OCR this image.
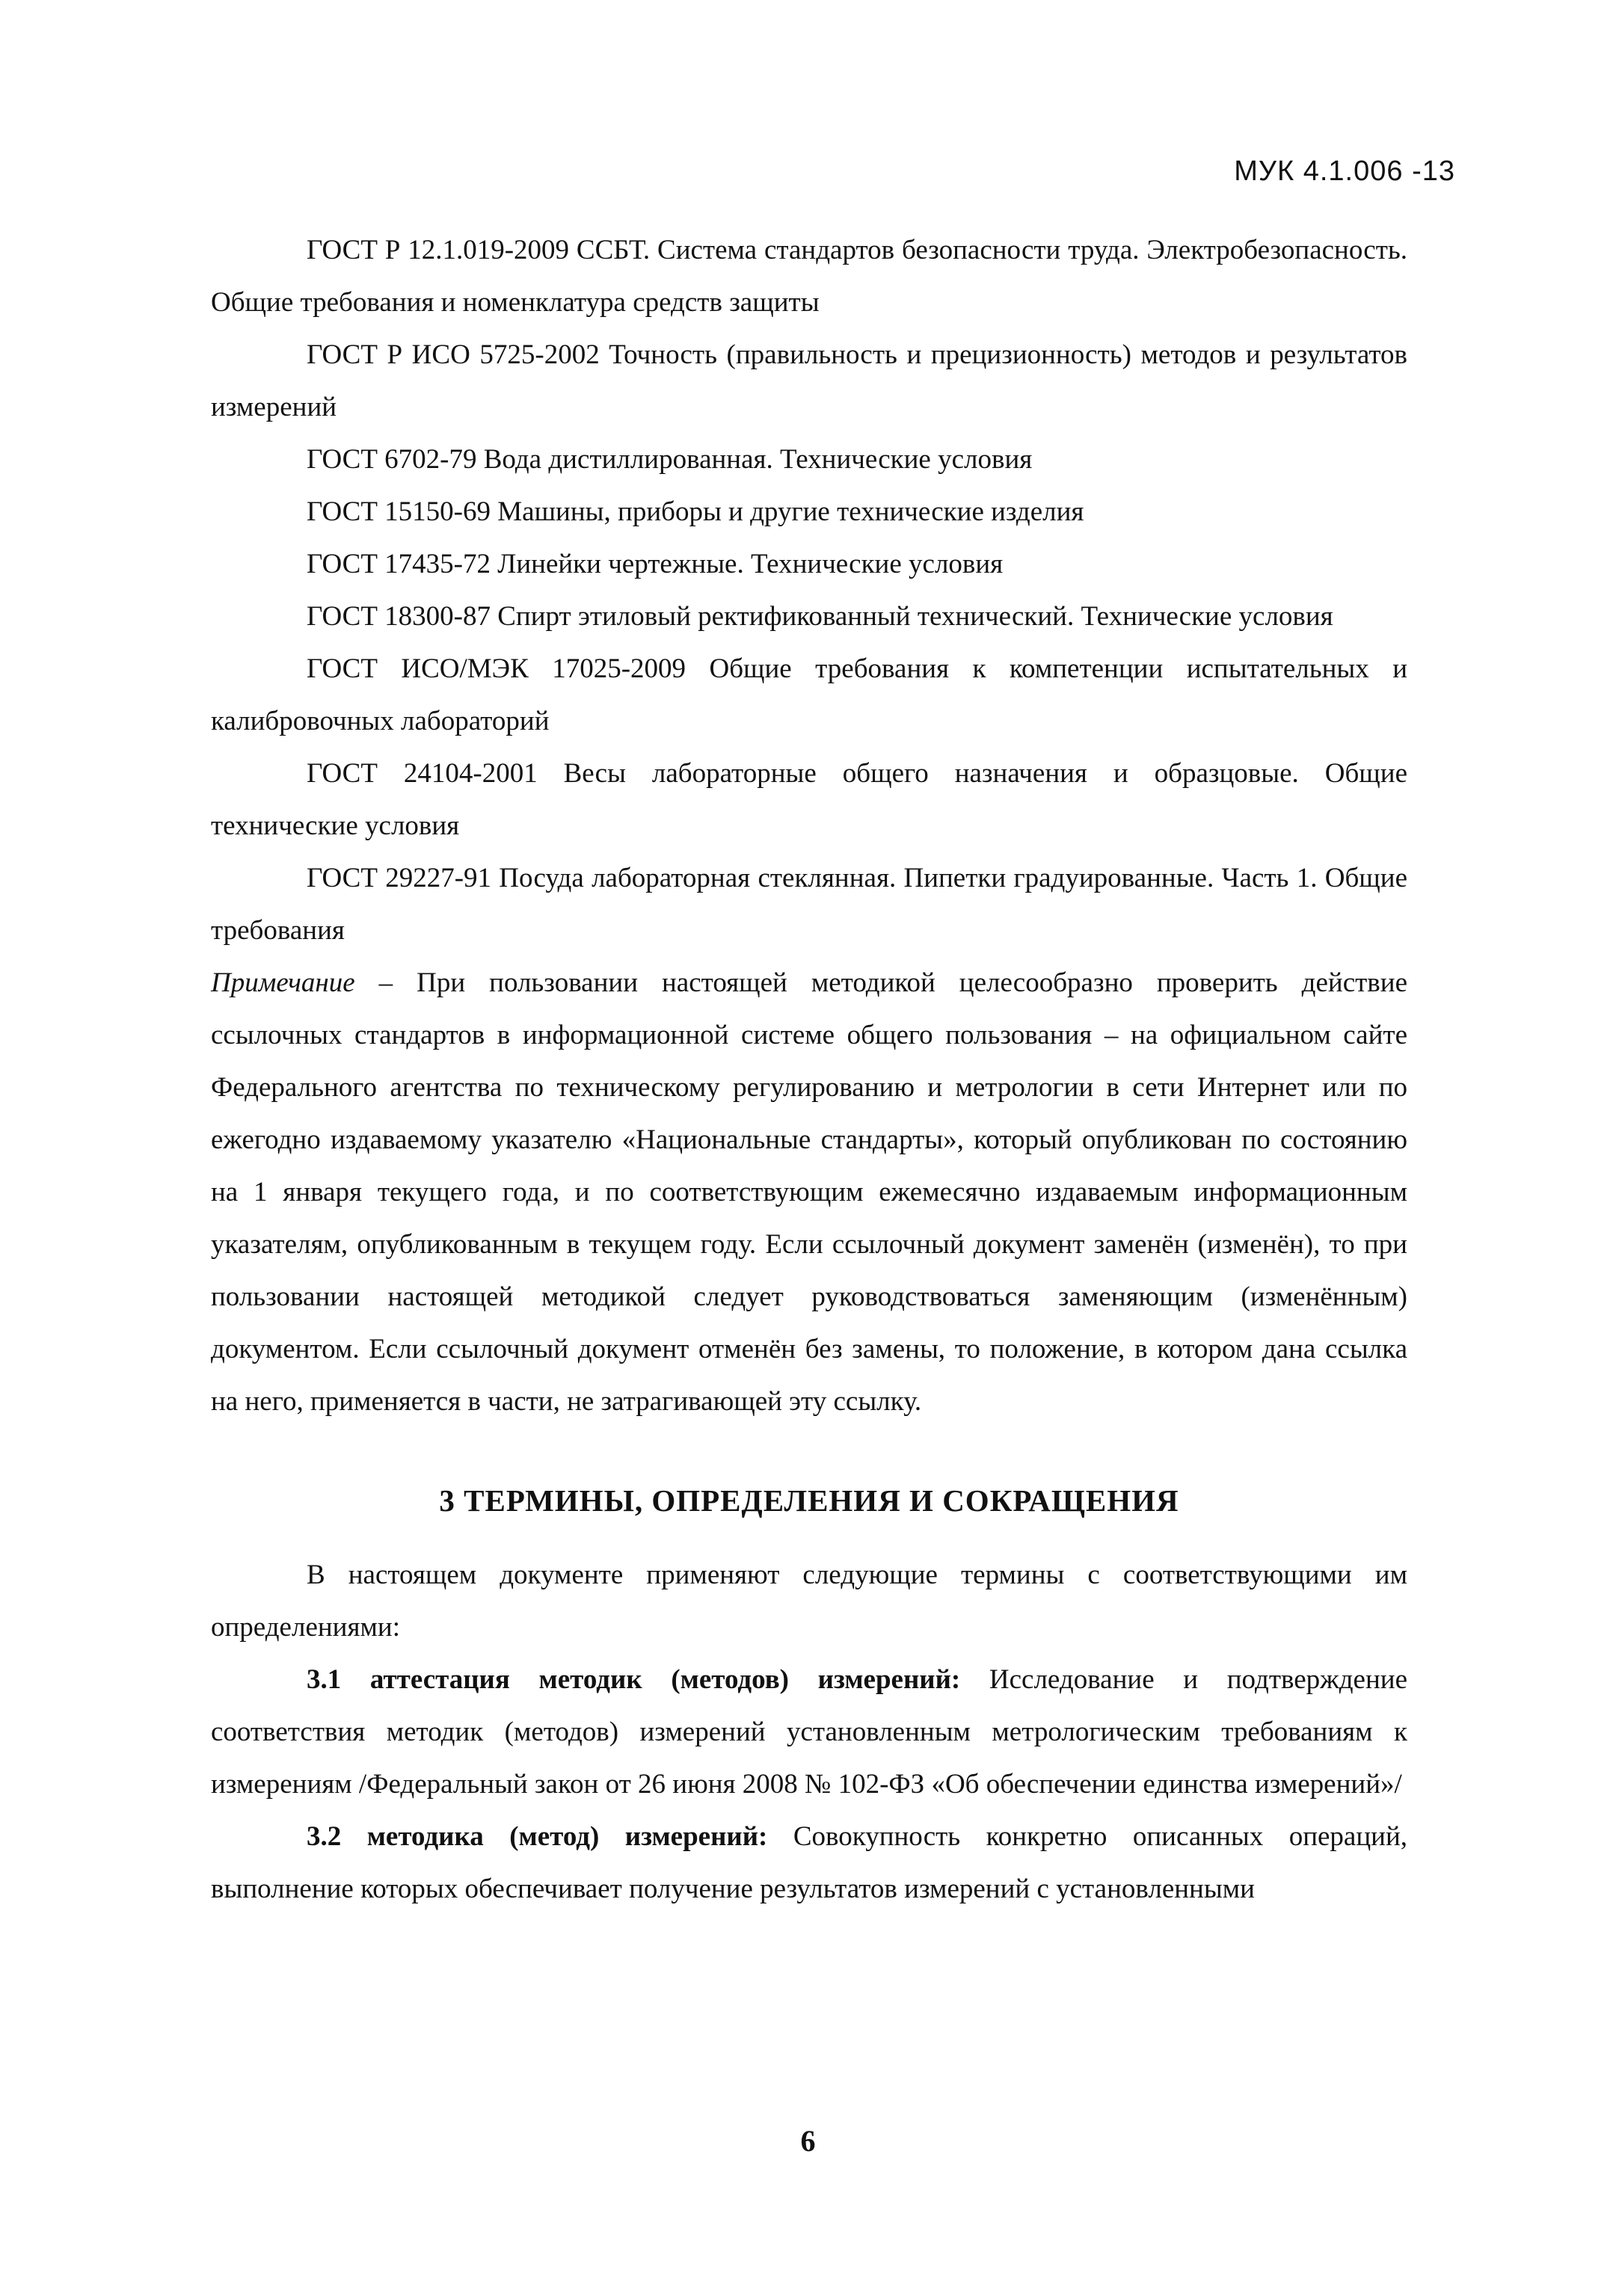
МУК 4.1.006 -13

ГОСТ Р 12.1.019-2009 ССБТ. Система стандартов безопасности труда. Электробезопасность. Общие требования и номенклатура средств защиты

ГОСТ Р ИСО 5725-2002 Точность (правильность и прецизионность) методов и результатов измерений

ГОСТ 6702-79 Вода дистиллированная. Технические условия

ГОСТ 15150-69 Машины, приборы и другие технические изделия

ГОСТ 17435-72 Линейки чертежные. Технические условия

ГОСТ 18300-87 Спирт этиловый ректификованный технический. Технические условия

ГОСТ ИСО/МЭК 17025-2009 Общие требования к компетенции испытательных и калибровочных лабораторий

ГОСТ 24104-2001 Весы лабораторные общего назначения и образцовые. Общие технические условия

ГОСТ 29227-91 Посуда лабораторная стеклянная. Пипетки градуированные. Часть 1. Общие требования

Примечание – При пользовании настоящей методикой целесообразно проверить действие ссылочных стандартов в информационной системе общего пользования – на официальном сайте Федерального агентства по техническому регулированию и метрологии в сети Интернет или по ежегодно издаваемому указателю «Национальные стандарты», который опубликован по состоянию на 1 января текущего года, и по соответствующим ежемесячно издаваемым информационным указателям, опубликованным в текущем году. Если ссылочный документ заменён (изменён), то при пользовании настоящей методикой следует руководствоваться заменяющим (изменённым) документом. Если ссылочный документ отменён без замены, то положение, в котором дана ссылка на него, применяется в части, не затрагивающей эту ссылку.

3 ТЕРМИНЫ, ОПРЕДЕЛЕНИЯ И СОКРАЩЕНИЯ

В настоящем документе применяют следующие термины с соответствующими им определениями:

3.1 аттестация методик (методов) измерений: Исследование и подтверждение соответствия методик (методов) измерений установленным метрологическим требованиям к измерениям /Федеральный закон от 26 июня 2008 № 102-ФЗ «Об обеспечении единства измерений»/

3.2 методика (метод) измерений: Совокупность конкретно описанных операций, выполнение которых обеспечивает получение результатов измерений с установленными

6
